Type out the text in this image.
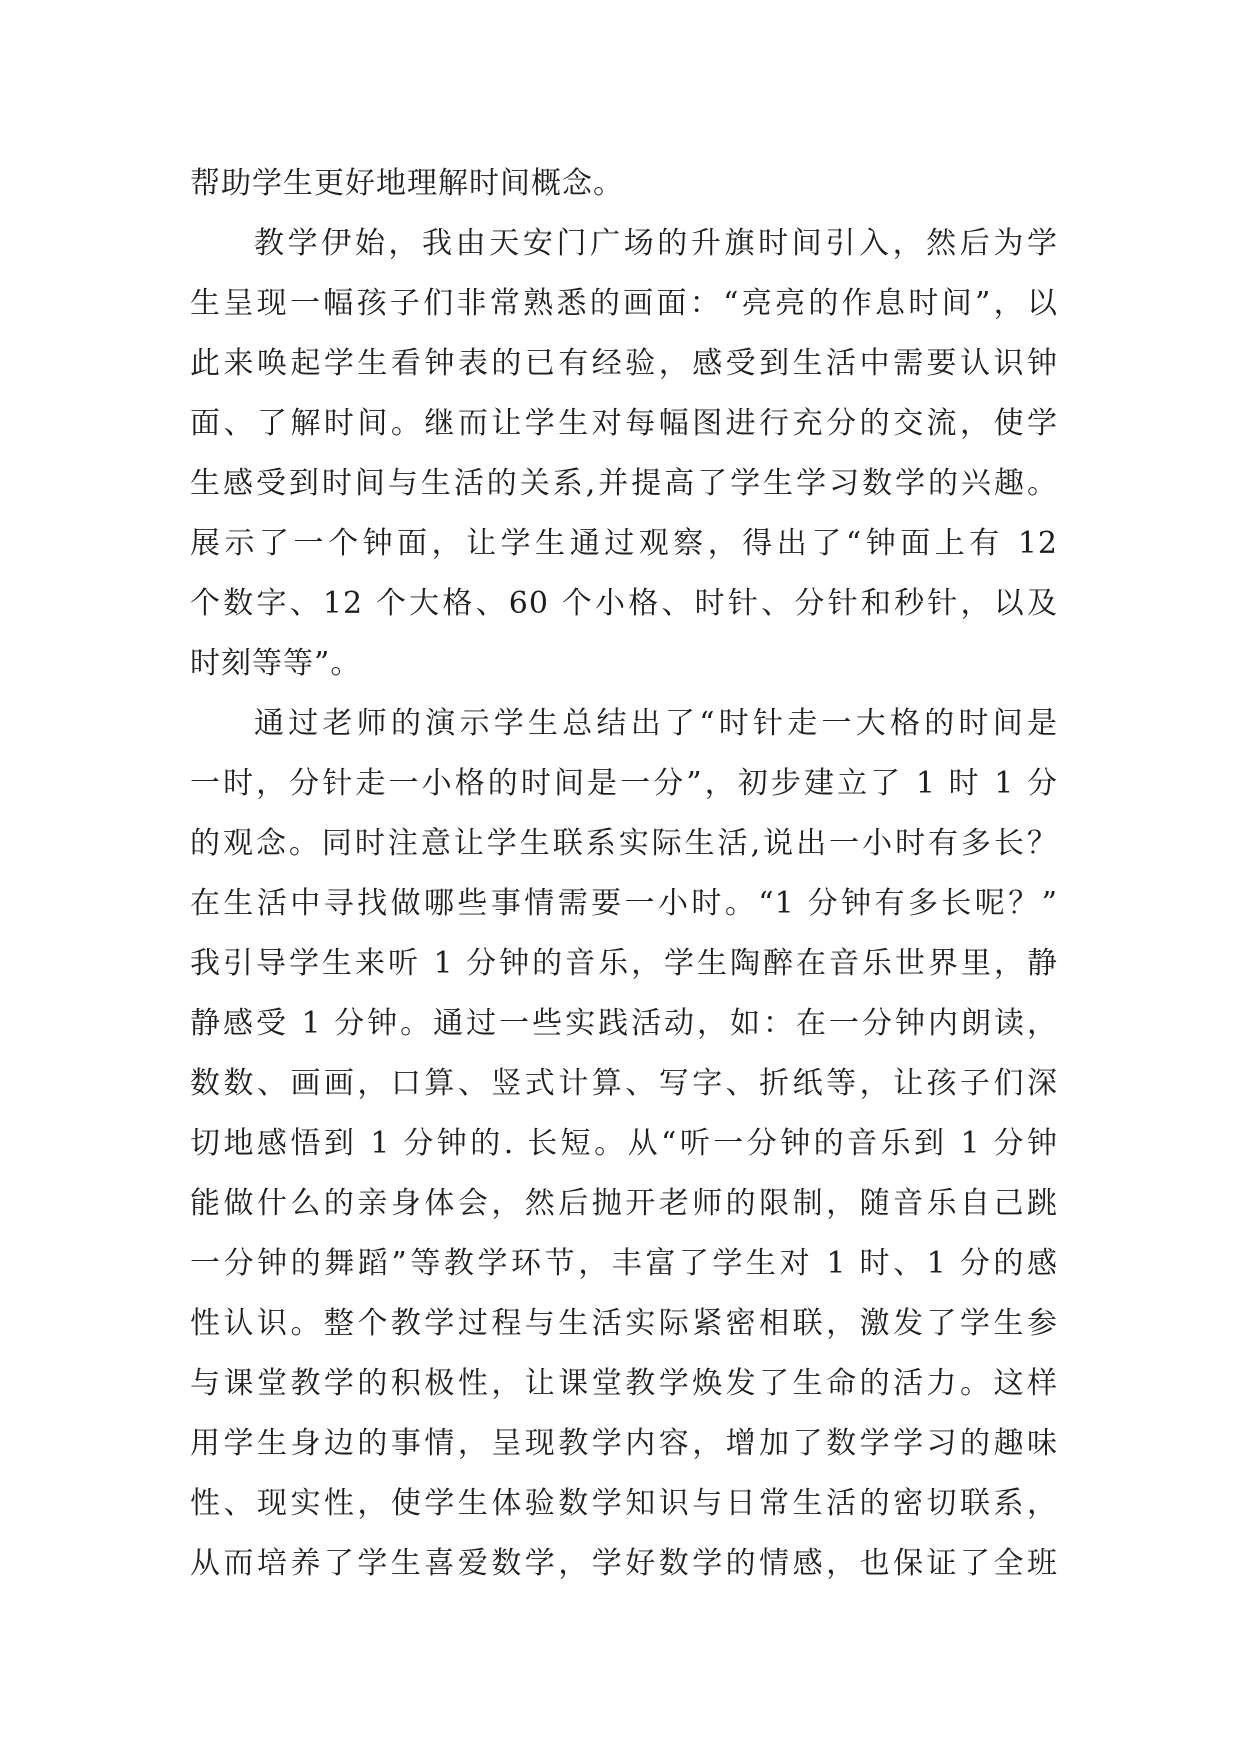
帮助学生更好地理解时间概念。
教学伊始，我由天安门广场的升旗时间引入，然后为学
生呈现一幅孩子们非常熟悉的画面：“亮亮的作息时间”，以
此来唤起学生看钟表的已有经验，感受到生活中需要认识钟
面、了解时间。继而让学生对每幅图进行充分的交流，使学
生感受到时间与生活的关系,并提高了学生学习数学的兴趣。
展示了一个钟面，让学生通过观察，得出了“钟面上有 12
个数字、12 个大格、60 个小格、时针、分针和秒针，以及
时刻等等”。
通过老师的演示学生总结出了“时针走一大格的时间是
一时，分针走一小格的时间是一分”，初步建立了 1 时 1 分
的观念。同时注意让学生联系实际生活,说出一小时有多长？
在生活中寻找做哪些事情需要一小时。“1 分钟有多长呢？”
我引导学生来听 1 分钟的音乐，学生陶醉在音乐世界里，静
静感受 1 分钟。通过一些实践活动，如：在一分钟内朗读，
数数、画画，口算、竖式计算、写字、折纸等，让孩子们深
切地感悟到 1 分钟的. 长短。从“听一分钟的音乐到 1 分钟
能做什么的亲身体会，然后抛开老师的限制，随音乐自己跳
一分钟的舞蹈”等教学环节，丰富了学生对 1 时、1 分的感
性认识。整个教学过程与生活实际紧密相联，激发了学生参
与课堂教学的积极性，让课堂教学焕发了生命的活力。这样
用学生身边的事情，呈现教学内容，增加了数学学习的趣味
性、现实性，使学生体验数学知识与日常生活的密切联系，
从而培养了学生喜爱数学，学好数学的情感，也保证了全班
